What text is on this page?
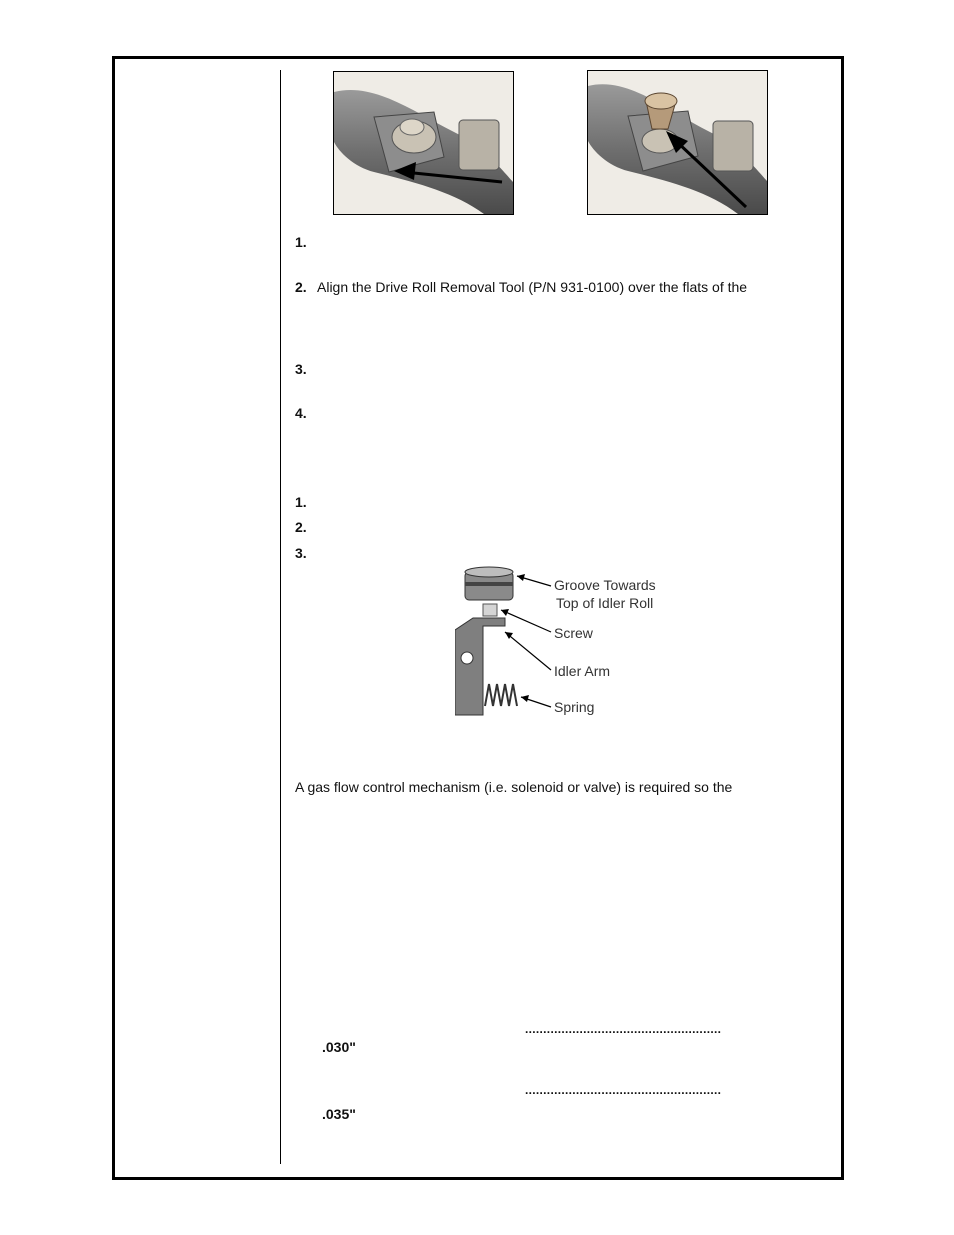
1.
2. Align the Drive Roll Removal Tool (P/N 931-0100) over the flats of the
3.
4.
1.
2.
3.
Groove Towards
Top of Idler Roll
Screw
Idler Arm
Spring
A gas flow control mechanism (i.e. solenoid or valve) is required so the
......................................................
.030"
......................................................
.035"
